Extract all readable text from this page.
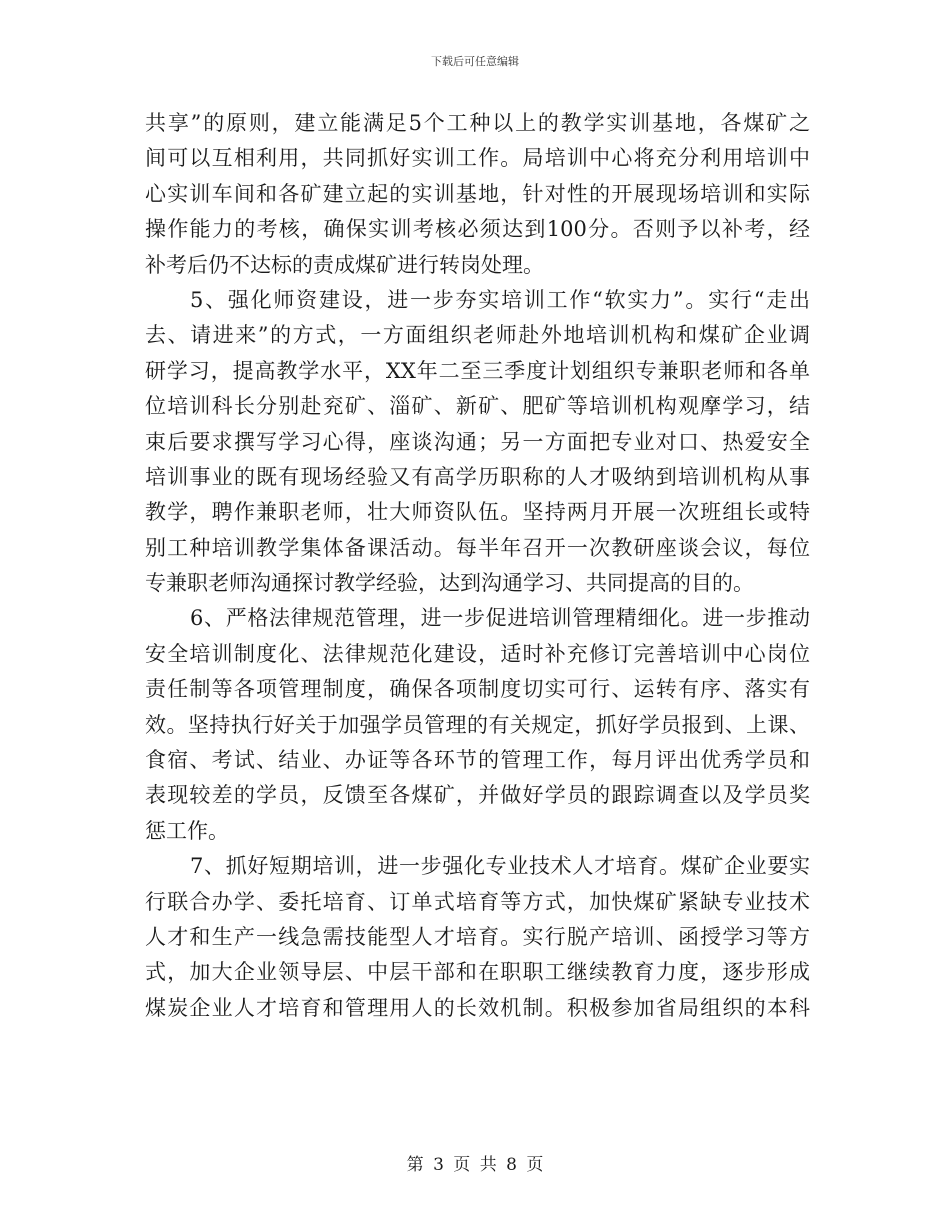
下载后可任意编辑
共享”的原则，建立能满足5个工种以上的教学实训基地，各煤矿之
间可以互相利用，共同抓好实训工作。局培训中心将充分利用培训中
心实训车间和各矿建立起的实训基地，针对性的开展现场培训和实际
操作能力的考核，确保实训考核必须达到100分。否则予以补考，经
补考后仍不达标的责成煤矿进行转岗处理。
5、强化师资建设，进一步夯实培训工作“软实力”。实行“走出
去、请进来”的方式，一方面组织老师赴外地培训机构和煤矿企业调
研学习，提高教学水平，XX年二至三季度计划组织专兼职老师和各单
位培训科长分别赴兖矿、淄矿、新矿、肥矿等培训机构观摩学习，结
束后要求撰写学习心得，座谈沟通；另一方面把专业对口、热爱安全
培训事业的既有现场经验又有高学历职称的人才吸纳到培训机构从事
教学，聘作兼职老师，壮大师资队伍。坚持两月开展一次班组长或特
别工种培训教学集体备课活动。每半年召开一次教研座谈会议，每位
专兼职老师沟通探讨教学经验，达到沟通学习、共同提高的目的。
6、严格法律规范管理，进一步促进培训管理精细化。进一步推动
安全培训制度化、法律规范化建设，适时补充修订完善培训中心岗位
责任制等各项管理制度，确保各项制度切实可行、运转有序、落实有
效。坚持执行好关于加强学员管理的有关规定，抓好学员报到、上课、
食宿、考试、结业、办证等各环节的管理工作，每月评出优秀学员和
表现较差的学员，反馈至各煤矿，并做好学员的跟踪调查以及学员奖
惩工作。
7、抓好短期培训，进一步强化专业技术人才培育。煤矿企业要实
行联合办学、委托培育、订单式培育等方式，加快煤矿紧缺专业技术
人才和生产一线急需技能型人才培育。实行脱产培训、函授学习等方
式，加大企业领导层、中层干部和在职职工继续教育力度，逐步形成
煤炭企业人才培育和管理用人的长效机制。积极参加省局组织的本科
第 3 页 共 8 页
